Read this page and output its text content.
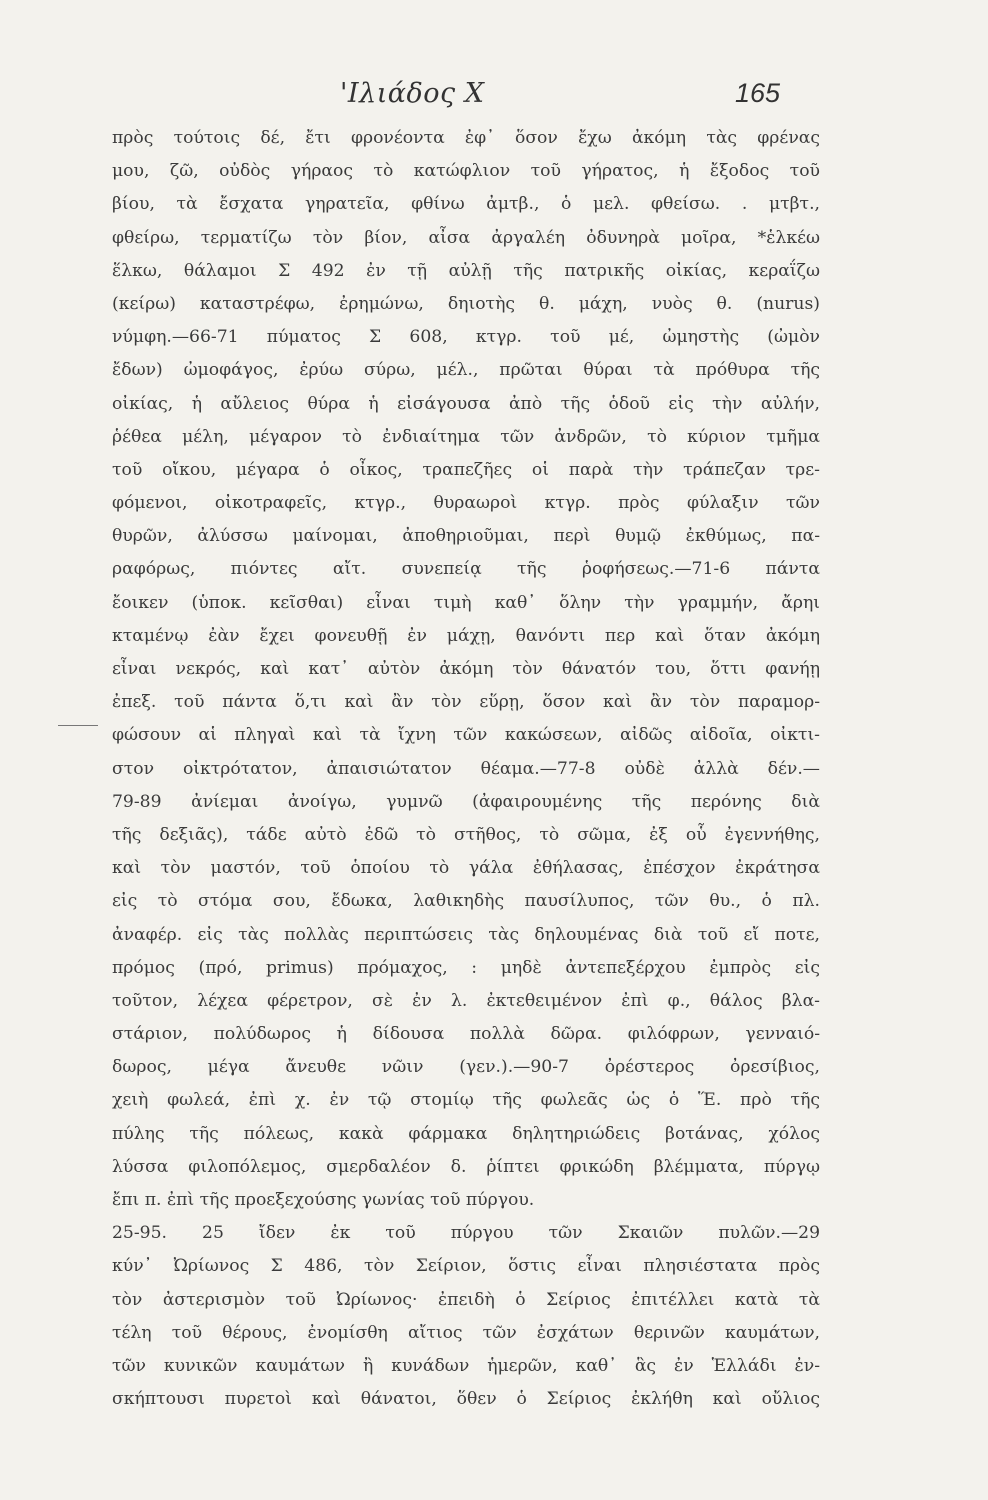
'Ιλιάδος Χ	165
πρὸς τούτοις δέ, ἔτι φρονέοντα ἐφ᾽ ὅσον ἔχω ἀκόμη τὰς φρένας
μου, ζῶ, οὐδὸς γήραος τὸ κατώφλιον τοῦ γήρατος, ἡ ἔξοδος τοῦ
βίου, τὰ ἔσχατα γηρατεῖα, φθίνω ἀμτβ., ὁ μελ. φθείσω. . μτβτ.,
φθείρω, τερματίζω τὸν βίον, αἶσα ἀργαλέη ὀδυνηρὰ μοῖρα, *ἑλκέω
ἕλκω, θάλαμοι Σ 492 ἐν τῇ αὐλῇ τῆς πατρικῆς οἰκίας, κεραΐζω
(κείρω) καταστρέφω, ἐρημώνω, δηιοτὴς θ. μάχη, νυὸς θ. (nurus)
νύμφη.—66-71 πύματος Σ 608, κτγρ. τοῦ μέ, ὠμηστὴς (ὠμὸν
ἔδων) ὠμοφάγος, ἐρύω σύρω, μέλ., πρῶται θύραι τὰ πρόθυρα τῆς
οἰκίας, ἡ αὔλειος θύρα ἡ εἰσάγουσα ἀπὸ τῆς ὁδοῦ εἰς τὴν αὐλήν,
ῥέθεα μέλη, μέγαρον τὸ ἐνδιαίτημα τῶν ἀνδρῶν, τὸ κύριον τμῆμα
τοῦ οἴκου, μέγαρα ὁ οἶκος, τραπεζῆες οἱ παρὰ τὴν τράπεζαν τρε-
φόμενοι, οἰκοτραφεῖς, κτγρ., θυραωροὶ κτγρ. πρὸς φύλαξιν τῶν
θυρῶν, ἀλύσσω μαίνομαι, ἀποθηριοῦμαι, περὶ θυμῷ ἐκθύμως, πα-
ραφόρως, πιόντες αἴτ. συνεπείᾳ τῆς ῥοφήσεως.—71-6 πάντα
ἔοικεν (ὑποκ. κεῖσθαι) εἶναι τιμὴ καθ᾽ ὅλην τὴν γραμμήν, ἄρηι
κταμένῳ ἐὰν ἔχει φονευθῇ ἐν μάχῃ, θανόντι περ καὶ ὅταν ἀκόμη
εἶναι νεκρός, καὶ κατ᾽ αὐτὸν ἀκόμη τὸν θάνατόν του, ὅττι φανήῃ
ἐπεξ. τοῦ πάντα ὅ,τι καὶ ἂν τὸν εὕρῃ, ὅσον καὶ ἂν τὸν παραμορ-
φώσουν αἱ πληγαὶ καὶ τὰ ἴχνη τῶν κακώσεων, αἰδῶς αἰδοῖα, οἰκτι-
στον οἰκτρότατον, ἀπαισιώτατον θέαμα.—77-8 οὐδὲ ἀλλὰ δέν.—
79-89 ἀνίεμαι ἀνοίγω, γυμνῶ (ἀφαιρουμένης τῆς περόνης διὰ
τῆς δεξιᾶς), τάδε αὐτὸ ἐδῶ τὸ στῆθος, τὸ σῶμα, ἐξ οὗ ἐγεννήθης,
καὶ τὸν μαστόν, τοῦ ὁποίου τὸ γάλα ἐθήλασας, ἐπέσχον ἐκράτησα
εἰς τὸ στόμα σου, ἔδωκα, λαθικηδὴς παυσίλυπος, τῶν θυ., ὁ πλ.
ἀναφέρ. εἰς τὰς πολλὰς περιπτώσεις τὰς δηλουμένας διὰ τοῦ εἴ ποτε,
πρόμος (πρό, primus) πρόμαχος, : μηδὲ ἀντεπεξέρχου ἐμπρὸς εἰς
τοῦτον, λέχεα φέρετρον, σὲ ἐν λ. ἐκτεθειμένον ἐπὶ φ., θάλος βλα-
στάριον, πολύδωρος ἡ δίδουσα πολλὰ δῶρα. φιλόφρων, γενναιό-
δωρος, μέγα ἄνευθε νῶιν (γεν.).—90-7 ὀρέστερος ὀρεσίβιος,
χειὴ φωλεά, ἐπὶ χ. ἐν τῷ στομίῳ τῆς φωλεᾶς ὡς ὁ Ἕ. πρὸ τῆς
πύλης τῆς πόλεως, κακὰ φάρμακα δηλητηριώδεις βοτάνας, χόλος
λύσσα φιλοπόλεμος, σμερδαλέον δ. ῥίπτει φρικώδη βλέμματα, πύργῳ
ἔπι π. ἐπὶ τῆς προεξεχούσης γωνίας τοῦ πύργου.
25-95. 25 ἴδεν ἐκ τοῦ πύργου τῶν Σκαιῶν πυλῶν.—29
κύν᾽ Ὠρίωνος Σ 486, τὸν Σείριον, ὅστις εἶναι πλησιέστατα πρὸς
τὸν ἀστερισμὸν τοῦ Ὠρίωνος· ἐπειδὴ ὁ Σείριος ἐπιτέλλει κατὰ τὰ
τέλη τοῦ θέρους, ἐνομίσθη αἴτιος τῶν ἐσχάτων θερινῶν καυμάτων,
τῶν κυνικῶν καυμάτων ἢ κυνάδων ἡμερῶν, καθ᾽ ἃς ἐν Ἑλλάδι ἐν-
σκήπτουσι πυρετοὶ καὶ θάνατοι, ὅθεν ὁ Σείριος ἐκλήθη καὶ οὔλιος
